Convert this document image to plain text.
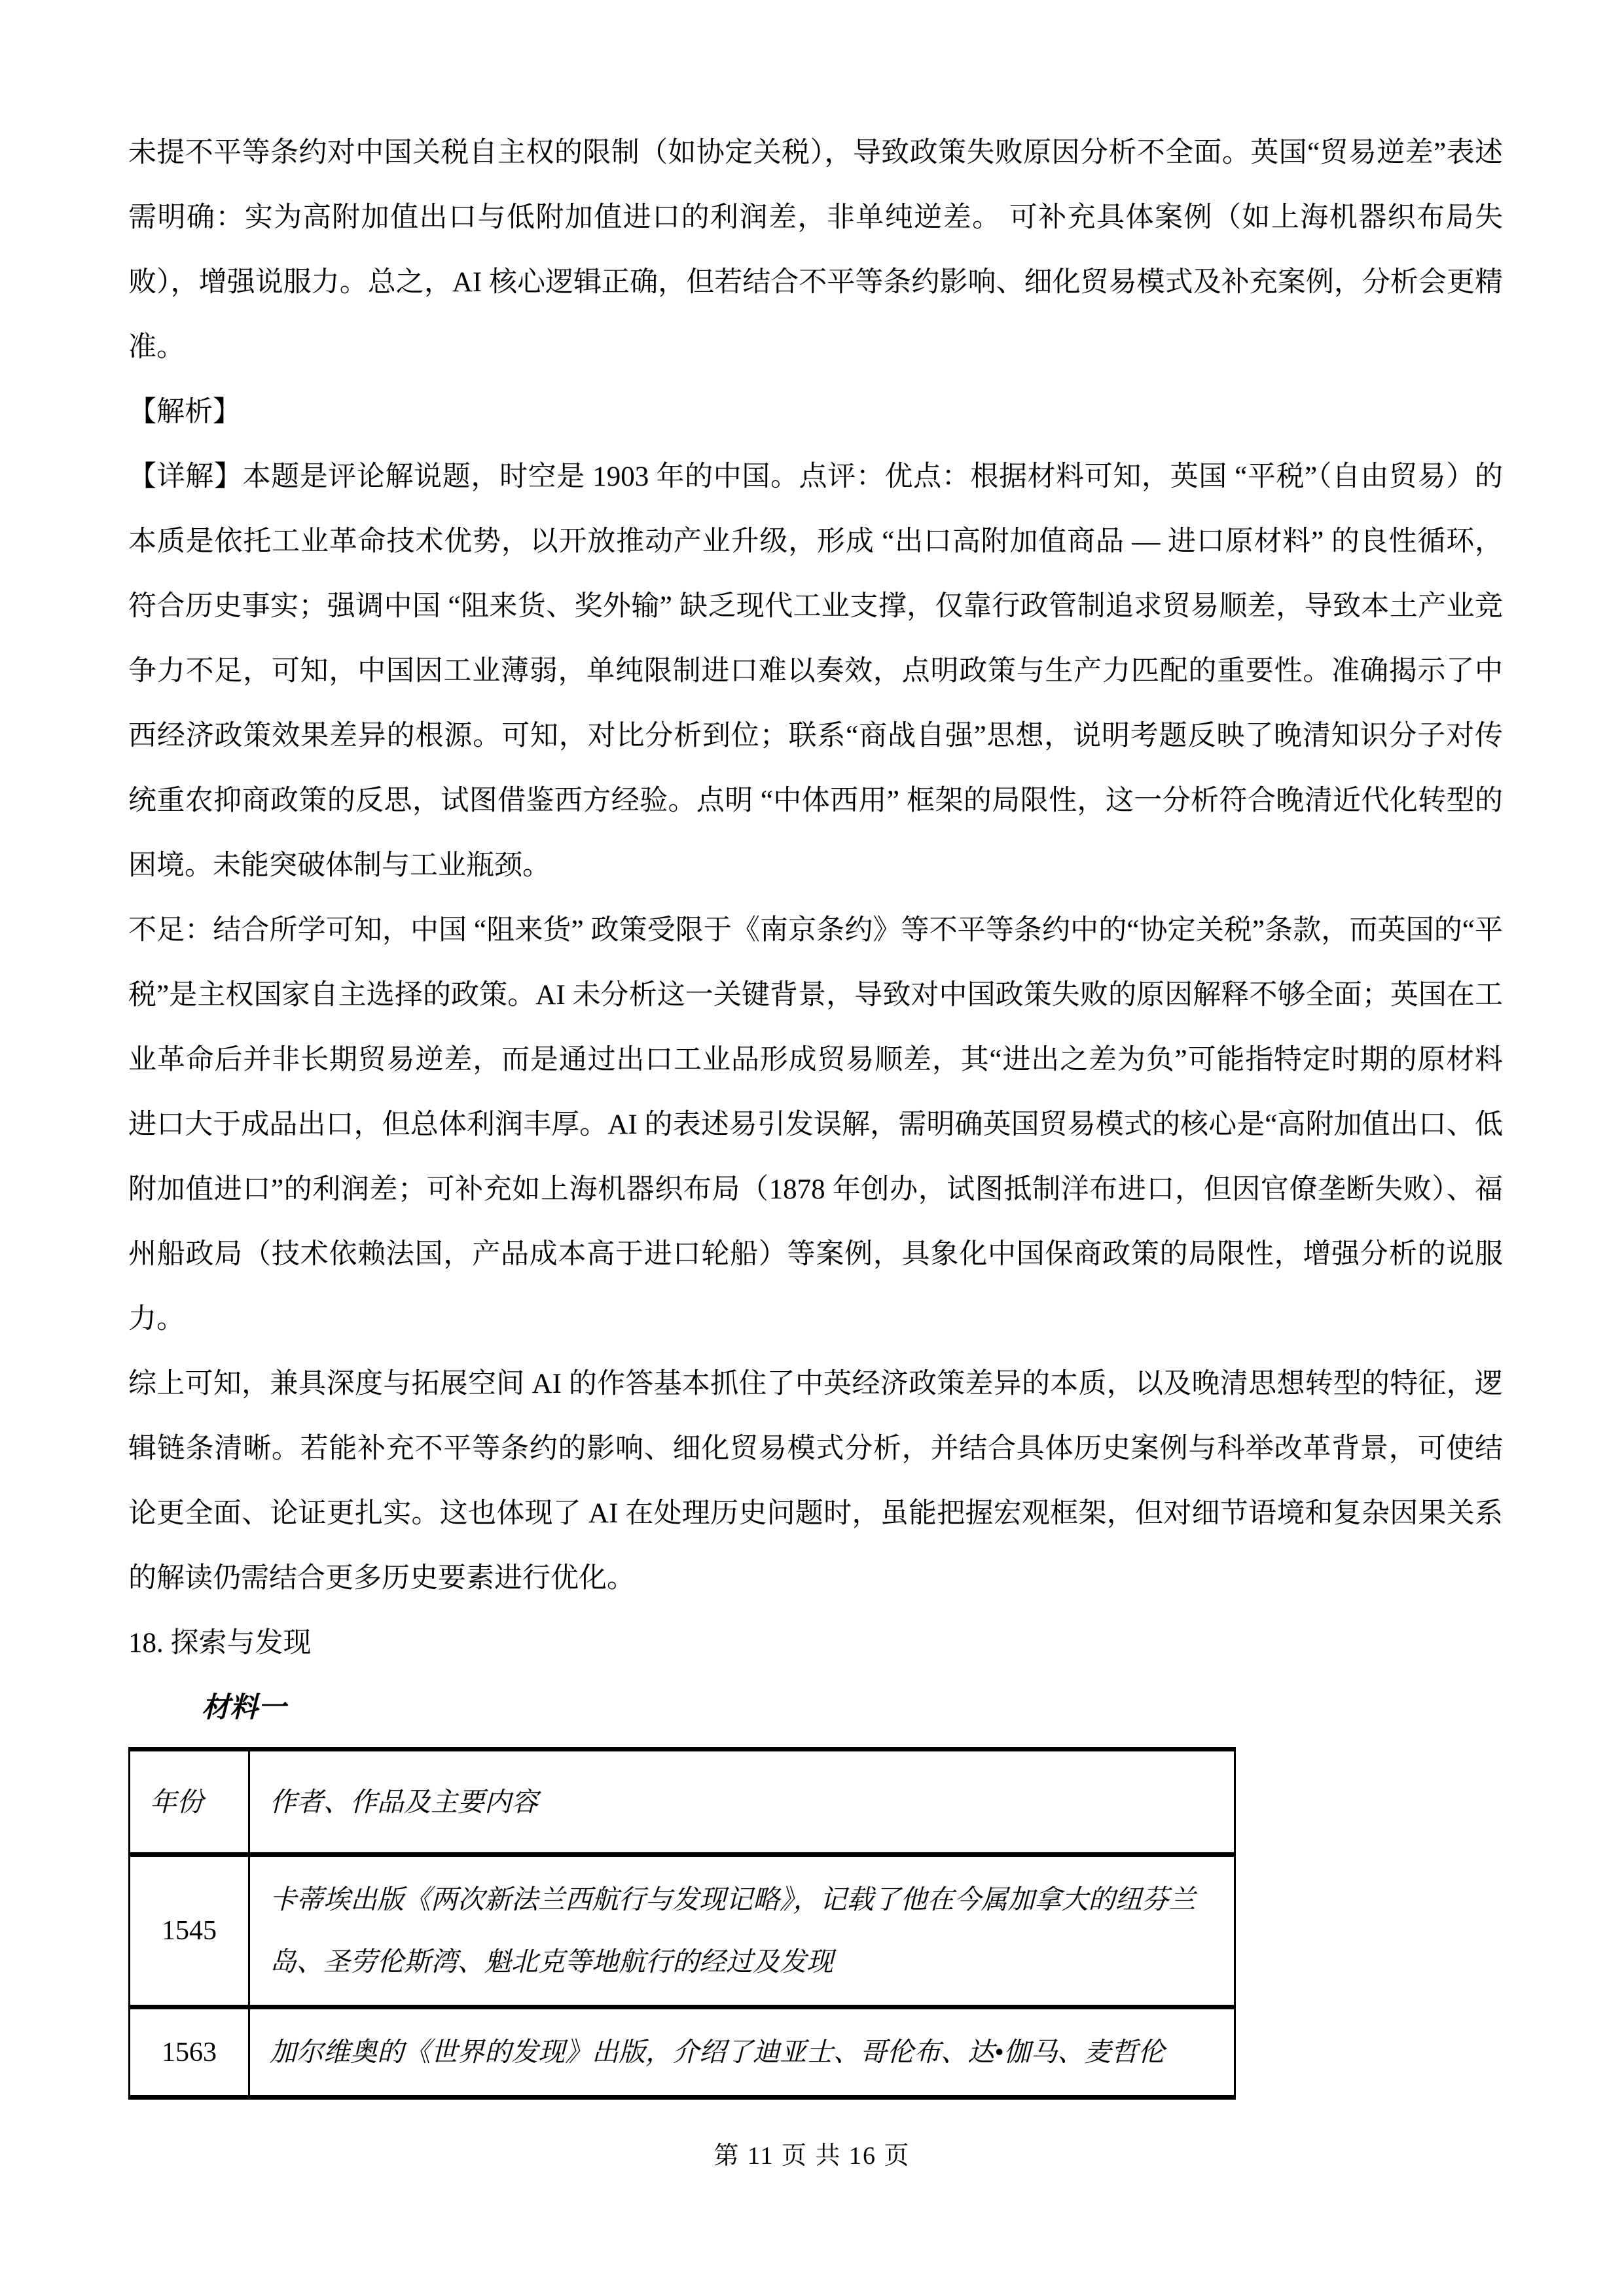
未提不平等条约对中国关税自主权的限制（如协定关税），导致政策失败原因分析不全面。英国“贸易逆差”表述需明确：实为高附加值出口与低附加值进口的利润差，非单纯逆差。 可补充具体案例（如上海机器织布局失败），增强说服力。总之，AI 核心逻辑正确，但若结合不平等条约影响、细化贸易模式及补充案例，分析会更精准。

【解析】

【详解】本题是评论解说题，时空是 1903 年的中国。点评：优点：根据材料可知，英国 “平税”（自由贸易）的本质是依托工业革命技术优势，以开放推动产业升级，形成 “出口高附加值商品 — 进口原材料” 的良性循环，符合历史事实；强调中国 “阻来货、奖外输” 缺乏现代工业支撑，仅靠行政管制追求贸易顺差，导致本土产业竞争力不足，可知，中国因工业薄弱，单纯限制进口难以奏效，点明政策与生产力匹配的重要性。准确揭示了中西经济政策效果差异的根源。可知，对比分析到位；联系“商战自强”思想，说明考题反映了晚清知识分子对传统重农抑商政策的反思，试图借鉴西方经验。点明 “中体西用” 框架的局限性，这一分析符合晚清近代化转型的困境。未能突破体制与工业瓶颈。

不足：结合所学可知，中国 “阻来货” 政策受限于《南京条约》等不平等条约中的“协定关税”条款，而英国的“平税”是主权国家自主选择的政策。AI 未分析这一关键背景，导致对中国政策失败的原因解释不够全面；英国在工业革命后并非长期贸易逆差，而是通过出口工业品形成贸易顺差，其“进出之差为负”可能指特定时期的原材料进口大于成品出口，但总体利润丰厚。AI 的表述易引发误解，需明确英国贸易模式的核心是“高附加值出口、低附加值进口”的利润差；可补充如上海机器织布局（1878 年创办，试图抵制洋布进口，但因官僚垄断失败）、福州船政局（技术依赖法国，产品成本高于进口轮船）等案例，具象化中国保商政策的局限性，增强分析的说服力。

综上可知，兼具深度与拓展空间 AI 的作答基本抓住了中英经济政策差异的本质，以及晚清思想转型的特征，逻辑链条清晰。若能补充不平等条约的影响、细化贸易模式分析，并结合具体历史案例与科举改革背景，可使结论更全面、论证更扎实。这也体现了 AI 在处理历史问题时，虽能把握宏观框架，但对细节语境和复杂因果关系的解读仍需结合更多历史要素进行优化。

18. 探索与发现

材料一

年份	作者、作品及主要内容
1545	卡蒂埃出版《两次新法兰西航行与发现记略》，记载了他在今属加拿大的纽芬兰岛、圣劳伦斯湾、魁北克等地航行的经过及发现
1563	加尔维奥的《世界的发现》出版，介绍了迪亚士、哥伦布、达•伽马、麦哲伦
第 11 页 共 16 页
